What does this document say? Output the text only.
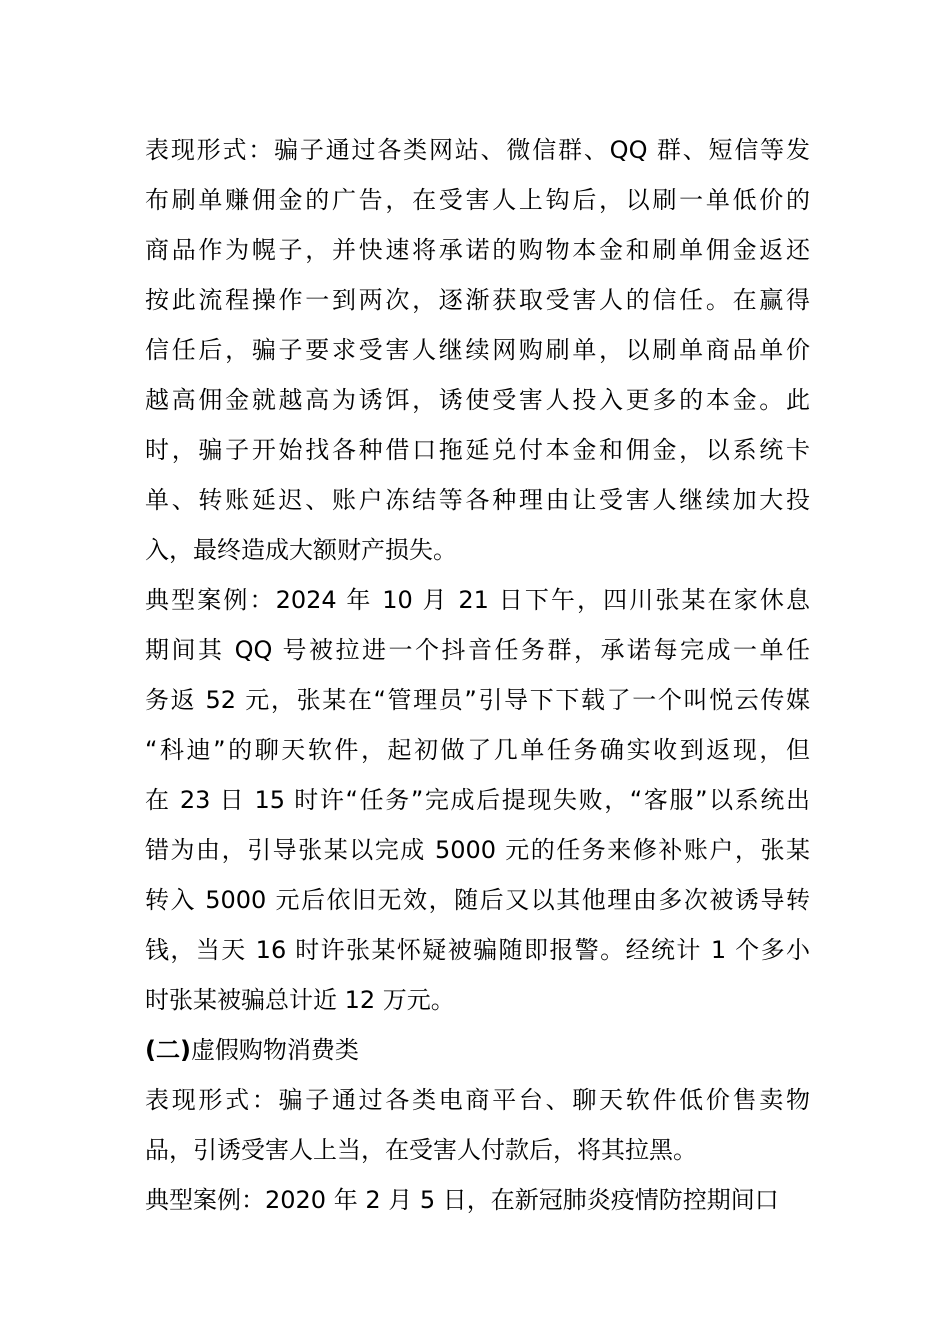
表现形式：骗子通过各类网站、微信群、QQ 群、短信等发
布刷单赚佣金的广告，在受害人上钩后，以刷一单低价的
商品作为幌子，并快速将承诺的购物本金和刷单佣金返还
按此流程操作一到两次，逐渐获取受害人的信任。在赢得
信任后，骗子要求受害人继续网购刷单，以刷单商品单价
越高佣金就越高为诱饵，诱使受害人投入更多的本金。此
时，骗子开始找各种借口拖延兑付本金和佣金，以系统卡
单、转账延迟、账户冻结等各种理由让受害人继续加大投
入，最终造成大额财产损失。
典型案例：2024 年 10 月 21 日下午，四川张某在家休息
期间其 QQ 号被拉进一个抖音任务群，承诺每完成一单任
务返 52 元，张某在“管理员”引导下下载了一个叫悦云传媒
“科迪”的聊天软件，起初做了几单任务确实收到返现，但
在 23 日 15 时许“任务”完成后提现失败，“客服”以系统出
错为由，引导张某以完成 5000 元的任务来修补账户，张某
转入 5000 元后依旧无效，随后又以其他理由多次被诱导转
钱，当天 16 时许张某怀疑被骗随即报警。经统计 1 个多小
时张某被骗总计近 12 万元。
(二)虚假购物消费类
表现形式：骗子通过各类电商平台、聊天软件低价售卖物
品，引诱受害人上当，在受害人付款后，将其拉黑。
典型案例：2020 年 2 月 5 日，在新冠肺炎疫情防控期间口
